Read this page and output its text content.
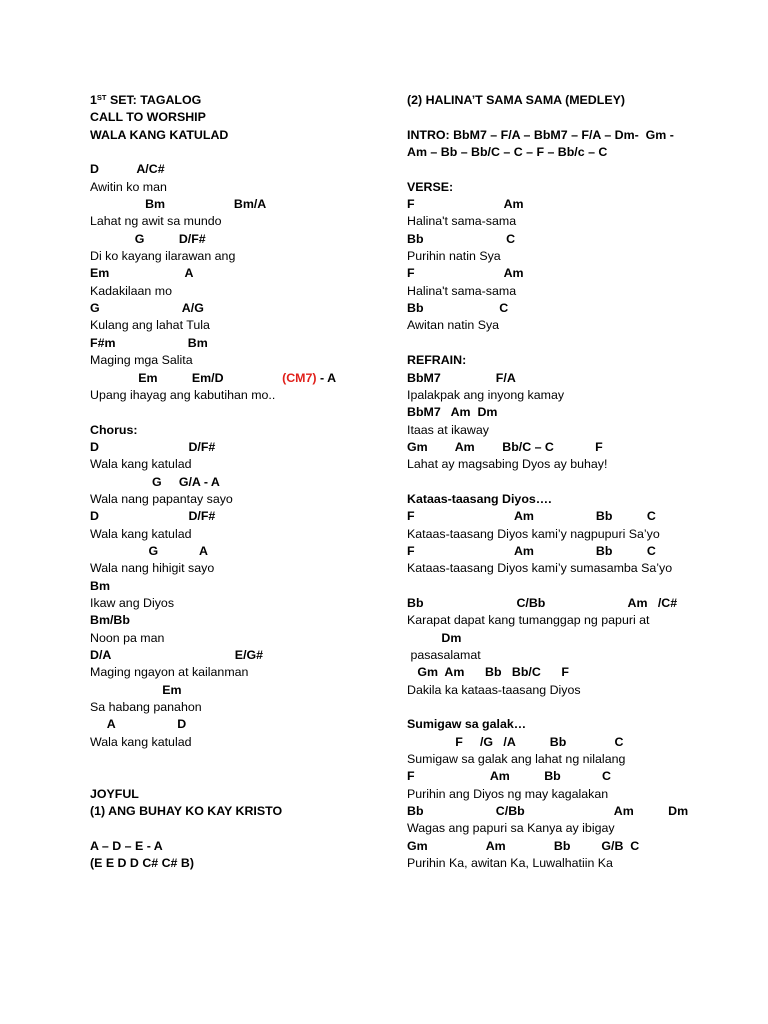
1ST SET: TAGALOG
CALL TO WORSHIP
WALA KANG KATULAD
D           A/C#
Awitin ko man
Bm                    Bm/A
Lahat ng awit sa mundo
G          D/F#
Di ko kayang ilarawan ang
Em                      A
Kadakilaan mo
G                        A/G
Kulang ang lahat Tula
F#m                     Bm
Maging mga Salita
Em          Em/D                 (CM7) - A
Upang ihayag ang kabutihan mo..
Chorus:
D                          D/F#
Wala kang katulad
G     G/A - A
Wala nang papantay sayo
D                          D/F#
Wala kang katulad
G            A
Wala nang hihigit sayo
Bm
Ikaw ang Diyos
Bm/Bb
Noon pa man
D/A                                    E/G#
Maging ngayon at kailanman
Em
Sa habang panahon
A                  D
Wala kang katulad
JOYFUL
(1) ANG BUHAY KO KAY KRISTO
A – D – E - A
(E E D D C# C# B)
(2) HALINA’T SAMA SAMA (MEDLEY)
INTRO: BbM7 – F/A – BbM7 – F/A – Dm-  Gm -
Am – Bb – Bb/C – C – F – Bb/c – C
VERSE:
F                          Am
Halina't sama-sama
Bb                        C
Purihin natin Sya
F                          Am
Halina't sama-sama
Bb                      C
Awitan natin Sya
REFRAIN:
BbM7                F/A
Ipalakpak ang inyong kamay
BbM7   Am  Dm
Itaas at ikaway
Gm        Am        Bb/C – C            F
Lahat ay magsabing Dyos ay buhay!
Kataas-taasang Diyos….
F                             Am                  Bb          C
Kataas-taasang Diyos kami’y nagpupuri Sa’yo
F                             Am                  Bb          C
Kataas-taasang Diyos kami’y sumasamba Sa’yo
Bb                           C/Bb                        Am   /C#
Karapat dapat kang tumanggap ng papuri at
Dm
pasasalamat
Gm  Am      Bb   Bb/C      F
Dakila ka kataas-taasang Diyos
Sumigaw sa galak…
F     /G   /A          Bb              C
Sumigaw sa galak ang lahat ng nilalang
F                      Am          Bb            C
Purihin ang Diyos ng may kagalakan
Bb                     C/Bb                          Am          Dm
Wagas ang papuri sa Kanya ay ibigay
Gm                 Am              Bb         G/B  C
Purihin Ka, awitan Ka, Luwalhatiin Ka
